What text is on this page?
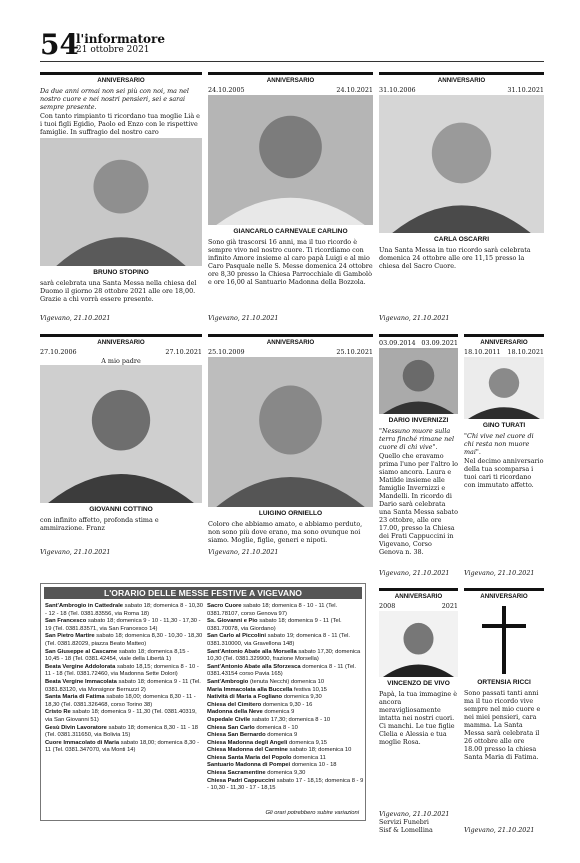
54
l'informatore
21 ottobre 2021
ANNIVERSARIO
Da due anni ormai non sei più con noi, ma nel nostro cuore e nei nostri pensieri, sei e sarai sempre presente.
Con tanto rimpianto ti ricordano tua moglie Lià e i tuoi figli Egidio, Paolo ed Enzo con le rispettive famiglie. In suffragio del nostro caro
BRUNO STOPINO
sarà celebrata una Santa Messa nella chiesa del Duomo il giorno 28 ottobre 2021 alle ore 18,00. Grazie a chi vorrà essere presente.
Vigevano, 21.10.2021
ANNIVERSARIO
24.10.2005	24.10.2021
GIANCARLO CARNEVALE CARLINO
Sono già trascorsi 16 anni, ma il tuo ricordo è sempre vivo nel nostro cuore. Ti ricordiamo con infinito Amore insieme al caro papà Luigi e al mio Caro Pasquale nelle S. Messe domenica 24 ottobre ore 8,30 presso la Chiesa Parrocchiale di Gambolò e ore 16,00 al Santuario Madonna della Bozzola.
Vigevano, 21.10.2021
ANNIVERSARIO
31.10.2006	31.10.2021
CARLA OSCARRI
Una Santa Messa in tuo ricordo sarà celebrata domenica 24 ottobre alle ore 11,15 presso la chiesa del Sacro Cuore.
Vigevano, 21.10.2021
ANNIVERSARIO
27.10.2006	27.10.2021
A mio padre
GIOVANNI COTTINO
con infinito affetto, profonda stima e ammirazione. Franz
Vigevano, 21.10.2021
ANNIVERSARIO
25.10.2009	25.10.2021
LUIGINO ORNIELLO
Coloro che abbiamo amato, e abbiamo perduto, non sono più dove erano, ma sono ovunque noi siamo. Moglie, figlie, generi e nipoti.
Vigevano, 21.10.2021
03.09.2014 03.09.2021
DARIO INVERNIZZI
"Nessuno muore sulla terra finché rimane nel cuore di chi vive".
Quello che eravamo prima l'uno per l'altro lo siamo ancora. Laura e Matilde insieme alle famiglie Invernizzi e Mandelli. In ricordo di Dario sarà celebrata una Santa Messa sabato 23 ottobre, alle ore 17.00, presso la Chiesa dei Frati Cappuccini in Vigevano, Corso Genova n. 38.
Vigevano, 21.10.2021
ANNIVERSARIO
18.10.2011 18.10.2021
GINO TURATI
"Chi vive nel cuore di chi resta non muore mai".
Nel decimo anniversario della tua scomparsa i tuoi cari ti ricordano con immutato affetto.
Vigevano, 21.10.2021
L'ORARIO DELLE MESSE FESTIVE A VIGEVANO
Sant'Ambrogio in Cattedrale sabato 18; domenica 8 - 10,30 - 12 - 18 (Tel. 0381.83556, via Roma 18)
San Francesco sabato 18; domenica 9 - 10 - 11,30 - 17,30 - 19 (Tel. 0381.83571, via San Francesco 14)
San Pietro Martire sabato 18; domenica 8,30 - 10,30 - 18,30 (Tel. 0381.82029, piazza Beato Matteo)
San Giuseppe al Cascame sabato 18; domenica 8,15 - 10,45 - 18 (Tel. 0381.42454, viale della Libertà 1)
Beata Vergine Addolorata sabato 18,15; domenica 8 - 10 - 11 - 18 (Tel. 0381.72460, via Madonna Sette Dolori)
Beata Vergine Immacolata sabato 18; domenica 9 - 11 (Tel. 0381.83120, via Monsignor Bernuzzi 2)
Santa Maria di Fatima sabato 18,00; domenica 8,30 - 11 - 18,30 (Tel. 0381.326468, corso Torino 38)
Cristo Re sabato 18; domenica 9 - 11,30 (Tel. 0381.40319, via San Giovanni 51)
Gesù Divin Lavoratore sabato 18; domenica 8,30 - 11 - 18 (Tel. 0381.311650, via Bolivia 15)
Cuore Immacolato di Maria sabato 18,00; domenica 8,30 - 11 (Tel. 0381.347070, via Monti 14)
Sacro Cuore sabato 18; domenica 8 - 10 - 11 (Tel. 0381.78107, corso Genova 97)
Ss. Giovanni e Pio sabato 18; domenica 9 - 11 (Tel. 0381.70078, via Giordano)
San Carlo al Piccolini sabato 19; domenica 8 - 11 (Tel. 0381.310000, via Gravellona 148)
Sant'Antonio Abate alla Morsella sabato 17,30; domenica 10,30 (Tel. 0381.329900, frazione Morsella)
Sant'Antonio Abate alla Sforzesca domenica 8 - 11 (Tel. 0381.43154 corso Pavia 165)
Sant'Ambrogio (tenuta Necchi) domenica 10
Maria Immacolata alla Buccella festiva 10,15
Natività di Maria a Fogliano domenica 9,30
Chiesa del Cimitero domenica 9,30 - 16
Madonna della Neve domenica 9
Ospedale Civile sabato 17,30; domenica 8 - 10
Chiesa San Carlo domenica 8 - 10
Chiesa San Bernardo domenica 9
Chiesa Madonna degli Angeli domenica 9,15
Chiesa Madonna del Carmine sabato 18; domenica 10
Chiesa Santa Maria del Popolo domenica 11
Santuario Madonna di Pompei domenica 10 - 18
Chiesa Sacramentine domenica 9,30
Chiesa Padri Cappuccini sabato 17 - 18,15; domenica 8 - 9 - 10,30 - 11,30 - 17 - 18,15
Gli orari potrebbero subire variazioni
ANNIVERSARIO
2008	2021
VINCENZO DE VIVO
Papà, la tua immagine è ancora meravigliosamente intatta nei nostri cuori. Ci manchi. Le tue figlie Clelia e Alessia e tua moglie Rosa.
Vigevano, 21.10.2021
Servizi Funebri
Sisf & Lomellina
ANNIVERSARIO
ORTENSIA RICCI
Sono passati tanti anni ma il tuo ricordo vive sempre nel mio cuore e nei miei pensieri, cara mamma. La Santa Messa sarà celebrata il 26 ottobre alle ore 18.00 presso la chiesa Santa Maria di Fatima.
Vigevano, 21.10.2021
